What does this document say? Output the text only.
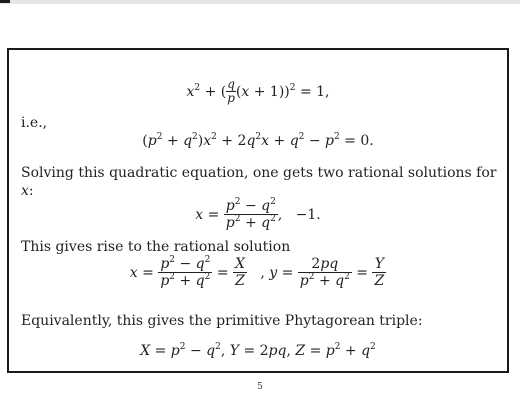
$x^2$ + ( $\frac{q}{p} (x + 1))^2 = 1$,
i.e.,
$(p^2 + q^2)x^2 + 2q^2x + q^2 - p^2 = 0$.
Solving this quadratic equation, one gets two rational solutions for
x:
$x = \frac{p^2 - q^2}{p^2 + q^2}$ ,   −1.
This gives rise to the rational solution
$x = \frac{p^2 - q^2}{p^2 + q^2} = \frac{X}{Z}$ , $y = \frac{2pq}{p^2 + q^2} = \frac{Y}{Z}$
Equivalently, this gives the primitive Phytagorean triple:
$X = p^2 - q^2$, Y = 2pq, $Z = p^2 + q^2$
5
